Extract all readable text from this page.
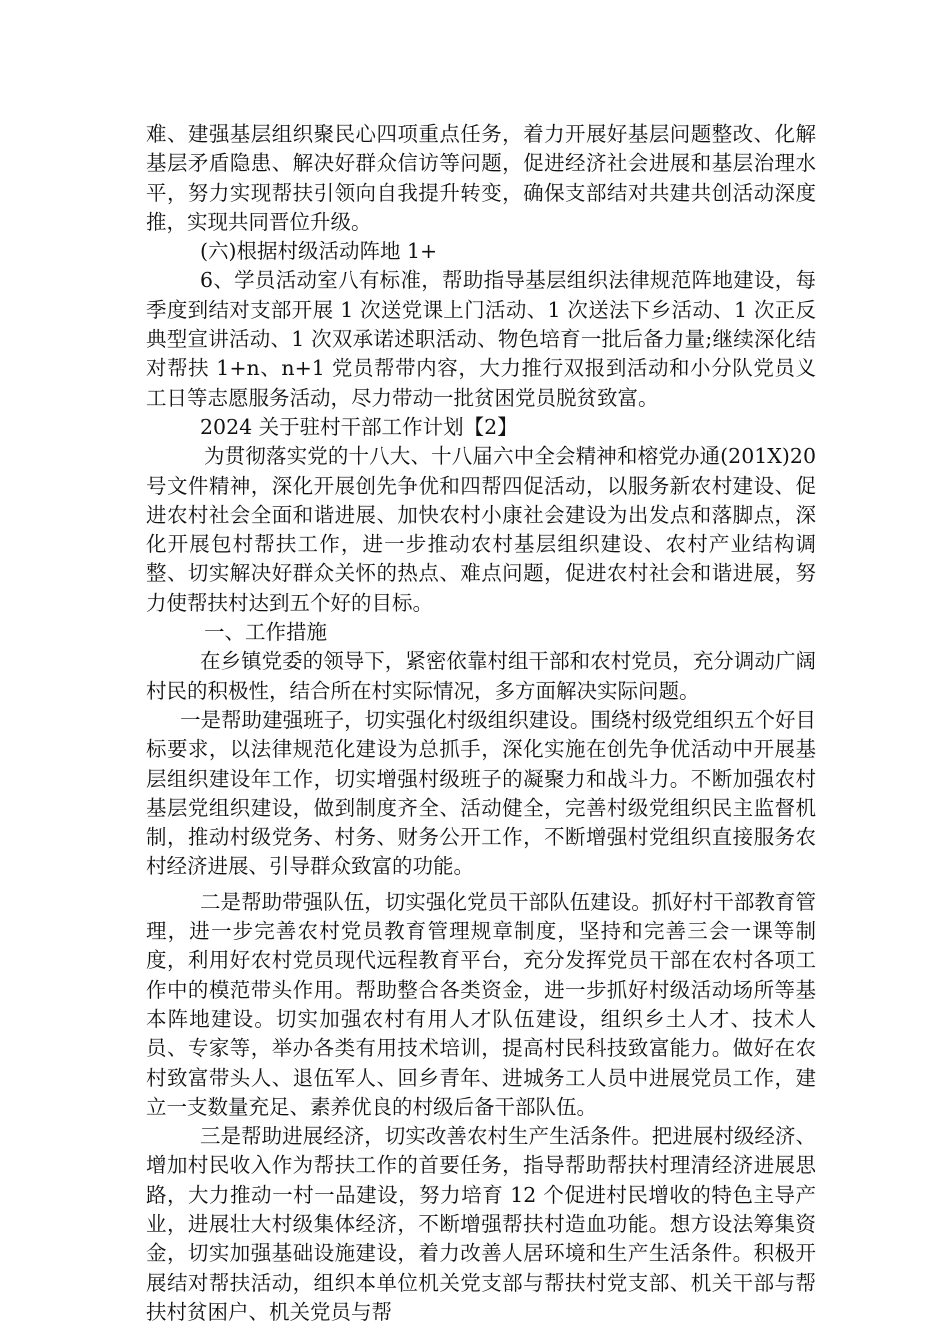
难、建强基层组织聚民心四项重点任务，着力开展好基层问题整改、化解基层矛盾隐患、解决好群众信访等问题，促进经济社会进展和基层治理水平，努力实现帮扶引领向自我提升转变，确保支部结对共建共创活动深度推，实现共同晋位升级。

(六)根据村级活动阵地 1+

6、学员活动室八有标准，帮助指导基层组织法律规范阵地建设，每季度到结对支部开展 1 次送党课上门活动、1 次送法下乡活动、1 次正反典型宣讲活动、1 次双承诺述职活动、物色培育一批后备力量;继续深化结对帮扶 1+n、n+1 党员帮带内容，大力推行双报到活动和小分队党员义工日等志愿服务活动，尽力带动一批贫困党员脱贫致富。

2024 关于驻村干部工作计划【2】

为贯彻落实党的十八大、十八届六中全会精神和榕党办通(201X)20 号文件精神，深化开展创先争优和四帮四促活动，以服务新农村建设、促进农村社会全面和谐进展、加快农村小康社会建设为出发点和落脚点，深化开展包村帮扶工作，进一步推动农村基层组织建设、农村产业结构调整、切实解决好群众关怀的热点、难点问题，促进农村社会和谐进展，努力使帮扶村达到五个好的目标。

一、工作措施

在乡镇党委的领导下，紧密依靠村组干部和农村党员，充分调动广阔村民的积极性，结合所在村实际情况，多方面解决实际问题。

一是帮助建强班子，切实强化村级组织建设。围绕村级党组织五个好目标要求，以法律规范化建设为总抓手，深化实施在创先争优活动中开展基层组织建设年工作，切实增强村级班子的凝聚力和战斗力。不断加强农村基层党组织建设，做到制度齐全、活动健全，完善村级党组织民主监督机制，推动村级党务、村务、财务公开工作，不断增强村党组织直接服务农村经济进展、引导群众致富的功能。

二是帮助带强队伍，切实强化党员干部队伍建设。抓好村干部教育管理，进一步完善农村党员教育管理规章制度，坚持和完善三会一课等制度，利用好农村党员现代远程教育平台，充分发挥党员干部在农村各项工作中的模范带头作用。帮助整合各类资金，进一步抓好村级活动场所等基本阵地建设。切实加强农村有用人才队伍建设，组织乡土人才、技术人员、专家等，举办各类有用技术培训，提高村民科技致富能力。做好在农村致富带头人、退伍军人、回乡青年、进城务工人员中进展党员工作，建立一支数量充足、素养优良的村级后备干部队伍。

三是帮助进展经济，切实改善农村生产生活条件。把进展村级经济、增加村民收入作为帮扶工作的首要任务，指导帮助帮扶村理清经济进展思路，大力推动一村一品建设，努力培育 12 个促进村民增收的特色主导产业，进展壮大村级集体经济，不断增强帮扶村造血功能。想方设法筹集资金，切实加强基础设施建设，着力改善人居环境和生产生活条件。积极开展结对帮扶活动，组织本单位机关党支部与帮扶村党支部、机关干部与帮扶村贫困户、机关党员与帮
